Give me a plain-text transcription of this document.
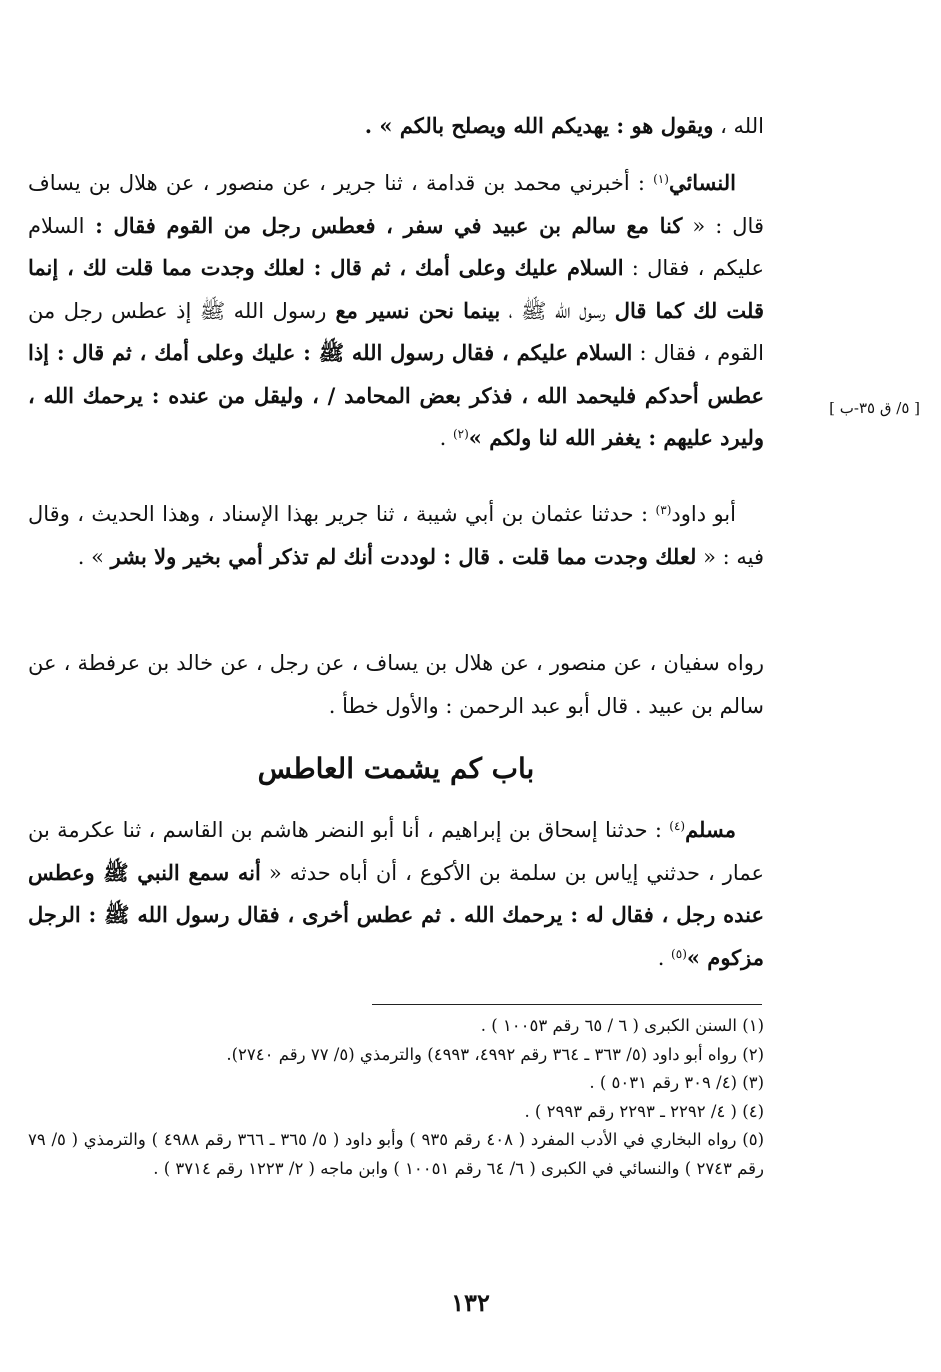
الله ، ويقول هو : يهديكم الله ويصلح بالكم » .

النسائي$^{(١)}$ : أخبرني محمد بن قدامة ، ثنا جرير ، عن منصور ، عن هلال بن يساف قال : « كنا مع سالم بن عبيد في سفر ، فعطس رجل من القوم فقال : السلام عليكم ، فقال : السلام عليك وعلى أمك ، ثم قال : لعلك وجدت مما قلت لك ، إنما قلت لك كما قال رسول الله ﷺ ، بينما نحن نسير مع رسول الله ﷺ إذ عطس رجل من القوم ، فقال : السلام عليكم ، فقال رسول الله ﷺ : عليك وعلى أمك ، ثم قال : إذا عطس أحدكم فليحمد الله ، فذكر بعض المحامد / ، وليقل من عنده : يرحمك الله ، وليرد عليهم : يغفر الله لنا ولكم »$^{(٢)}$ .

[ ٥/ ق ٣٥-ب ]

أبو داود$^{(٣)}$ : حدثنا عثمان بن أبي شيبة ، ثنا جرير بهذا الإسناد ، وهذا الحديث ، وقال فيه : « لعلك وجدت مما قلت . قال : لوددت أنك لم تذكر أمي بخير ولا بشر » .

رواه سفيان ، عن منصور ، عن هلال بن يساف ، عن رجل ، عن خالد بن عرفطة ، عن سالم بن عبيد . قال أبو عبد الرحمن : والأول خطأ .

باب كم يشمت العاطس

مسلم$^{(٤)}$ : حدثنا إسحاق بن إبراهيم ، أنا أبو النضر هاشم بن القاسم ، ثنا عكرمة بن عمار ، حدثني إياس بن سلمة بن الأكوع ، أن أباه حدثه « أنه سمع النبي ﷺ وعطس عنده رجل ، فقال له : يرحمك الله . ثم عطس أخرى ، فقال رسول الله ﷺ : الرجل مزكوم »$^{(٥)}$ .

(١) السنن الكبرى ( ٦ / ٦٥ رقم ١٠٠٥٣ ) .
(٢) رواه أبو داود (٥/ ٣٦٣ ـ ٣٦٤ رقم ٤٩٩٢، ٤٩٩٣) والترمذي (٥/ ٧٧ رقم ٢٧٤٠).
(٣) (٤/ ٣٠٩ رقم ٥٠٣١ ) .
(٤) ( ٤/ ٢٢٩٢ ـ ٢٢٩٣ رقم ٢٩٩٣ ) .
(٥) رواه البخاري في الأدب المفرد ( ٤٠٨ رقم ٩٣٥ ) وأبو داود ( ٥/ ٣٦٥ ـ ٣٦٦ رقم ٤٩٨٨ ) والترمذي ( ٥/ ٧٩ رقم ٢٧٤٣ ) والنسائي في الكبرى ( ٦/ ٦٤ رقم ١٠٠٥١ ) وابن ماجه ( ٢/ ١٢٢٣ رقم ٣٧١٤ ) .
١٣٢
